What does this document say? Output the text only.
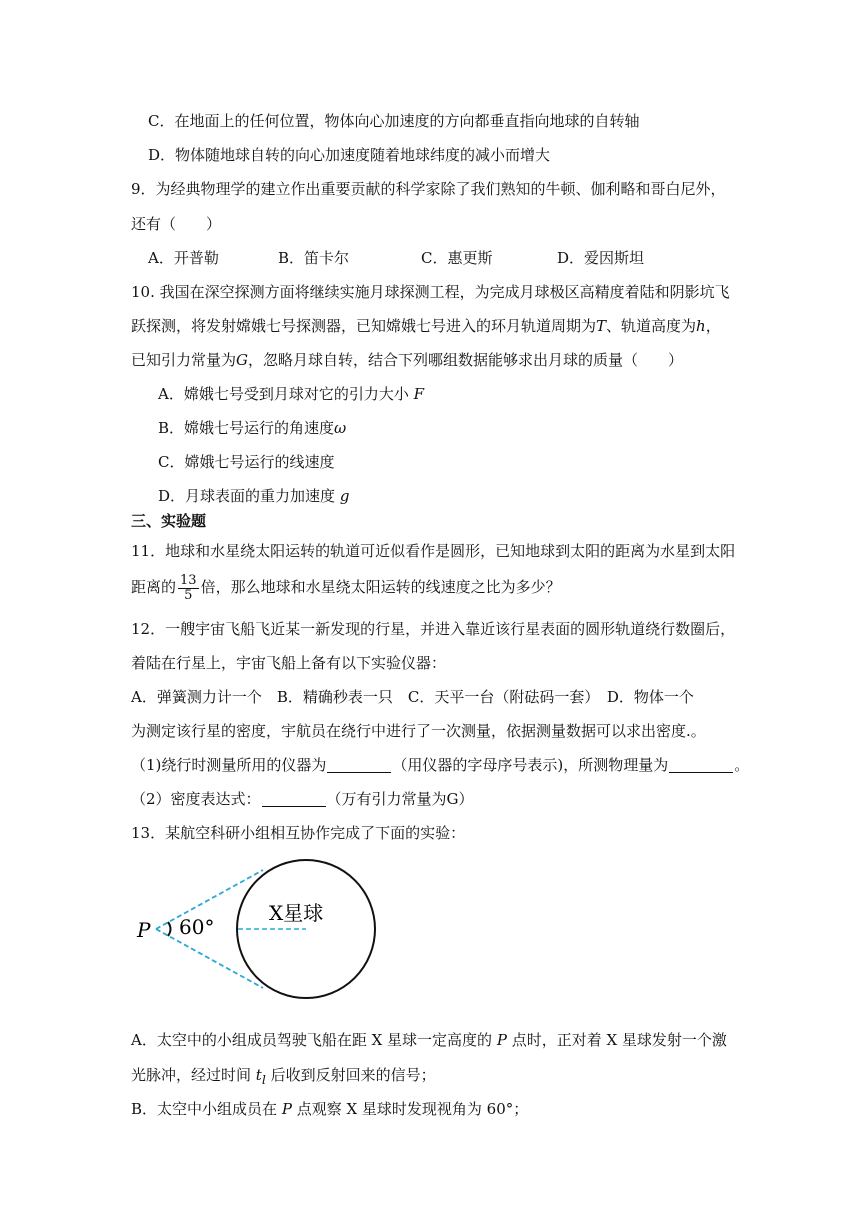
C．在地面上的任何位置，物体向心加速度的方向都垂直指向地球的自转轴
D．物体随地球自转的向心加速度随着地球纬度的减小而增大
9．为经典物理学的建立作出重要贡献的科学家除了我们熟知的牛顿、伽利略和哥白尼外，
还有（　　）
A．开普勒	B．笛卡尔	C．惠更斯	D．爱因斯坦
10. 我国在深空探测方面将继续实施月球探测工程，为完成月球极区高精度着陆和阴影坑飞
跃探测，将发射嫦娥七号探测器，已知嫦娥七号进入的环月轨道周期为T、轨道高度为h，
已知引力常量为G，忽略月球自转，结合下列哪组数据能够求出月球的质量（　　）
A．嫦娥七号受到月球对它的引力大小 F
B．嫦娥七号运行的角速度ω
C．嫦娥七号运行的线速度
D．月球表面的重力加速度 g
三、实验题
11．地球和水星绕太阳运转的轨道可近似看作是圆形，已知地球到太阳的距离为水星到太阳
距离的 $\frac{13}{5}$ 倍，那么地球和水星绕太阳运转的线速度之比为多少？
12．一艘宇宙飞船飞近某一新发现的行星，并进入靠近该行星表面的圆形轨道绕行数圈后，
着陆在行星上，宇宙飞船上备有以下实验仪器：
A．弹簧测力计一个　B．精确秒表一只　C．天平一台（附砝码一套）　D．物体一个
为测定该行星的密度，宇航员在绕行中进行了一次测量，依据测量数据可以求出密度.。
（1)绕行时测量所用的仪器为	（用仪器的字母序号表示)，所测物理量为	。
（2）密度表达式：	（万有引力常量为G）
13．某航空科研小组相互协作完成了下面的实验：
P 60°
X星球
A．太空中的小组成员驾驶飞船在距 X 星球一定高度的 P 点时，正对着 X 星球发射一个激
光脉冲，经过时间 $t_l$ 后收到反射回来的信号；
B．太空中小组成员在 P 点观察 X 星球时发现视角为 60°；
